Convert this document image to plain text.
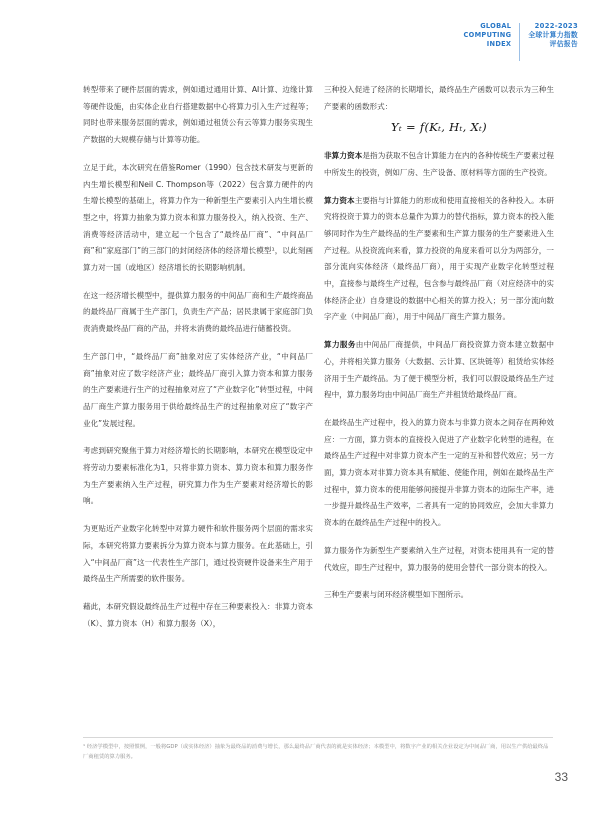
GLOBAL
COMPUTING
INDEX
2022-2023
全球计算力指数
评估报告

转型带来了硬件层面的需求，例如通过通用计算、AI计算、边缘计算等硬件设施，由实体企业自行搭建数据中心将算力引入生产过程等；同时也带来服务层面的需求，例如通过租赁公有云等算力服务实现生产数据的大规模存储与计算等功能。

立足于此，本次研究在借鉴Romer（1990）包含技术研发与更新的内生增长模型和Neil C. Thompson等（2022）包含算力硬件的内生增长模型的基础上，将算力作为一种新型生产要素引入内生增长模型之中，将算力抽象为算力资本和算力服务投入，纳入投资、生产、消费等经济活动中，建立起一个包含了“最终品厂商”、“中间品厂商”和“家庭部门”的三部门的封闭经济体的经济增长模型¹，以此刻画算力对一国（或地区）经济增长的长期影响机制。

在这一经济增长模型中，提供算力服务的中间品厂商和生产最终商品的最终品厂商属于生产部门，负责生产产品；居民隶属于家庭部门负责消费最终品厂商的产品，并将未消费的最终品进行储蓄投资。

生产部门中，“最终品厂商”抽象对应了实体经济产业，“中间品厂商”抽象对应了数字经济产业；最终品厂商引入算力资本和算力服务的生产要素进行生产的过程抽象对应了“产业数字化”转型过程，中间品厂商生产算力服务用于供给最终品生产的过程抽象对应了“数字产业化”发展过程。

考虑到研究聚焦于算力对经济增长的长期影响，本研究在模型设定中将劳动力要素标准化为1，只将非算力资本、算力资本和算力服务作为生产要素纳入生产过程，研究算力作为生产要素对经济增长的影响。

为更贴近产业数字化转型中对算力硬件和软件服务两个层面的需求实际，本研究将算力要素拆分为算力资本与算力服务。在此基础上，引入“中间品厂商”这一代表性生产部门，通过投资硬件设备来生产用于最终品生产所需要的软件服务。

藉此，本研究假设最终品生产过程中存在三种要素投入：非算力资本（K）、算力资本（H）和算力服务（X），

三种投入促进了经济的长期增长，最终品生产函数可以表示为三种生产要素的函数形式：

Yₜ = f(Kₜ, Hₜ, Xₜ)

非算力资本是指为获取不包含计算能力在内的各种传统生产要素过程中所发生的投资，例如厂房、生产设备、原材料等方面的生产投资。

算力资本主要指与计算能力的形成和使用直接相关的各种投入。本研究将投资于算力的资本总量作为算力的替代指标，算力资本的投入能够同时作为生产最终品的生产要素和生产算力服务的生产要素进入生产过程。从投资流向来看，算力投资的角度来看可以分为两部分，一部分流向实体经济（最终品厂商），用于实现产业数字化转型过程中，直接参与最终生产过程，包含参与最终品厂商（对应经济中的实体经济企业）自身建设的数据中心相关的算力投入；另一部分流向数字产业（中间品厂商），用于中间品厂商生产算力服务。

算力服务由中间品厂商提供，中间品厂商投资算力资本建立数据中心，并将相关算力服务（大数据、云计算、区块链等）租赁给实体经济用于生产最终品。为了便于模型分析，我们可以假设最终品生产过程中，算力服务均由中间品厂商生产并租赁给最终品厂商。

在最终品生产过程中，投入的算力资本与非算力资本之间存在两种效应：一方面，算力资本的直接投入促进了产业数字化转型的进程，在最终品生产过程中对非算力资本产生一定的互补和替代效应；另一方面，算力资本对非算力资本具有赋能、使能作用，例如在最终品生产过程中，算力资本的使用能够间接提升非算力资本的边际生产率，进一步提升最终品生产效率，二者具有一定的协同效应，会加大非算力资本的在最终品生产过程中的投入。

算力服务作为新型生产要素纳入生产过程，对资本使用具有一定的替代效应，即生产过程中，算力服务的使用会替代一部分资本的投入。

三种生产要素与闭环经济模型如下图所示。

¹ 经济学模型中，按照惯例，一般将GDP（或实体经济）抽象为最终品的消费与增长，那么最终品厂商代表的就是实体经济；本模型中，将数字产业的相关企业设定为中间品厂商，用以生产供给最终品厂商租赁的算力服务。
33
